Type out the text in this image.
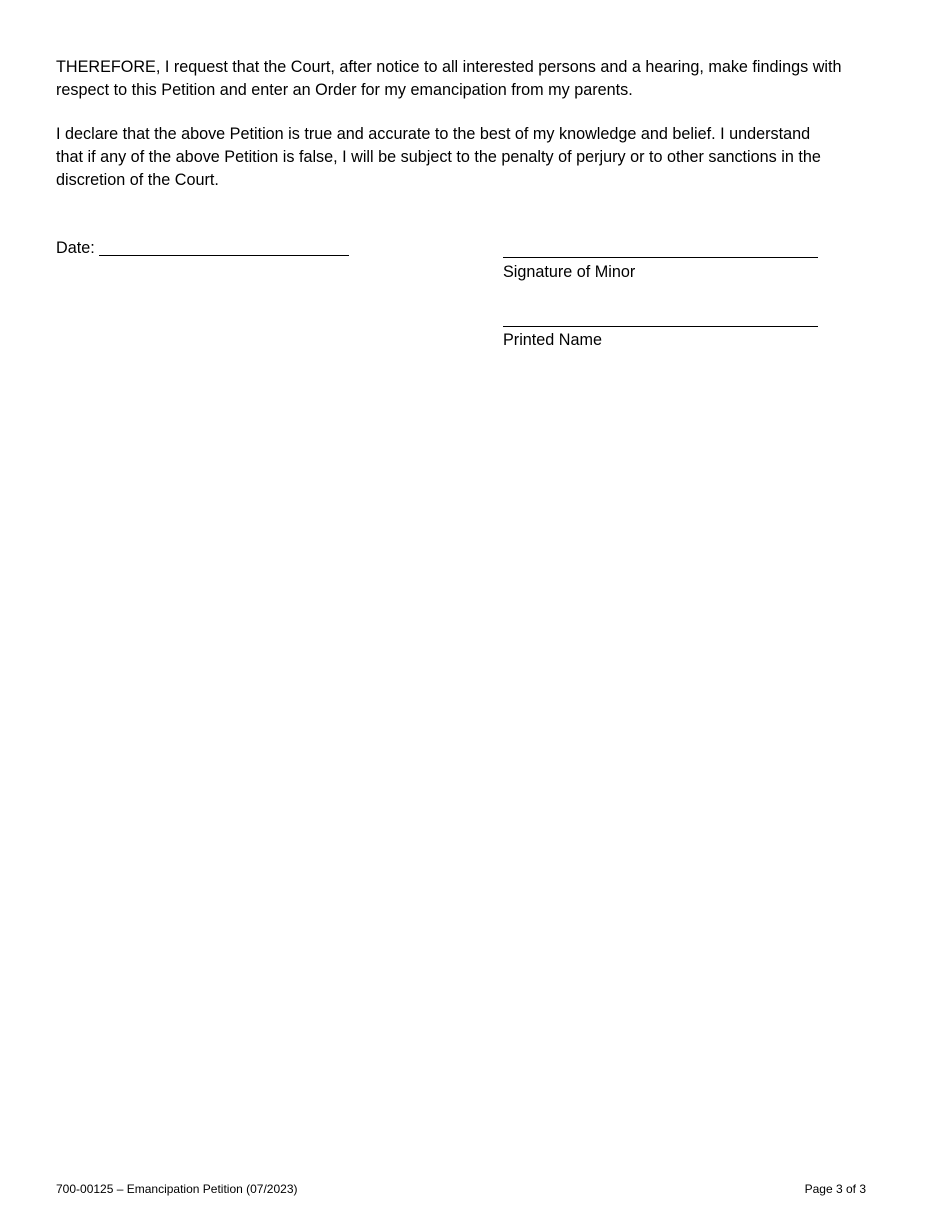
THEREFORE, I request that the Court, after notice to all interested persons and a hearing, make findings with
respect to this Petition and enter an Order for my emancipation from my parents.
I declare that the above Petition is true and accurate to the best of my knowledge and belief. I understand
that if any of the above Petition is false, I will be subject to the penalty of perjury or to other sanctions in the
discretion of the Court.
Date:
Signature of Minor
Printed Name
700-00125 – Emancipation Petition (07/2023)	Page 3 of 3
